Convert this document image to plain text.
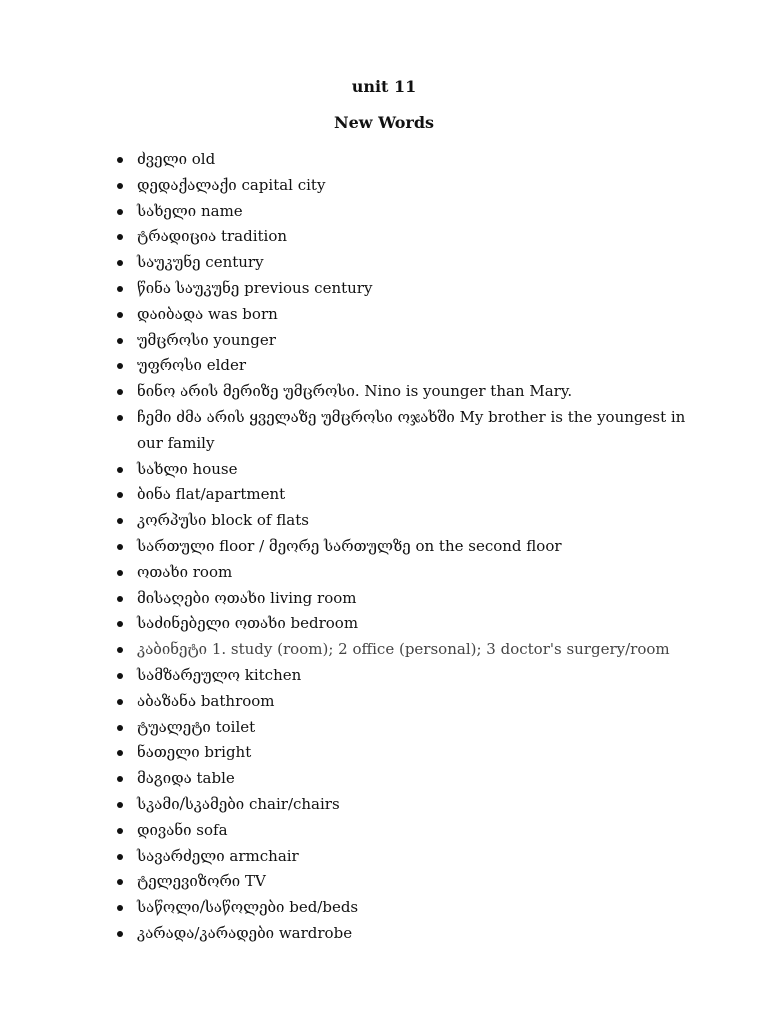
unit 11
New Words
ძველი old
დედაქალაქი capital city
სახელი name
ტრადიცია tradition
საუკუნე century
წინა საუკუნე previous century
დაიბადა was born
უმცროსი younger
უფროსი elder
ნინო არის მერიზე უმცროსი. Nino is younger than Mary.
ჩემი ძმა არის ყველაზე უმცროსი ოჯახში My brother is the youngest in our family
სახლი house
ბინა flat/apartment
კორპუსი block of flats
სართული floor / მეორე სართულზე on the second floor
ოთახი room
მისაღები ოთახი living room
საძინებელი ოთახი bedroom
კაბინეტი 1. study (room); 2 office (personal); 3 doctor's surgery/room
სამზარეულო kitchen
აბაზანა bathroom
ტუალეტი toilet
ნათელი bright
მაგიდა table
სკამი/სკამები chair/chairs
დივანი sofa
სავარძელი armchair
ტელევიზორი TV
საწოლი/საწოლები bed/beds
კარადა/კარადები wardrobe
